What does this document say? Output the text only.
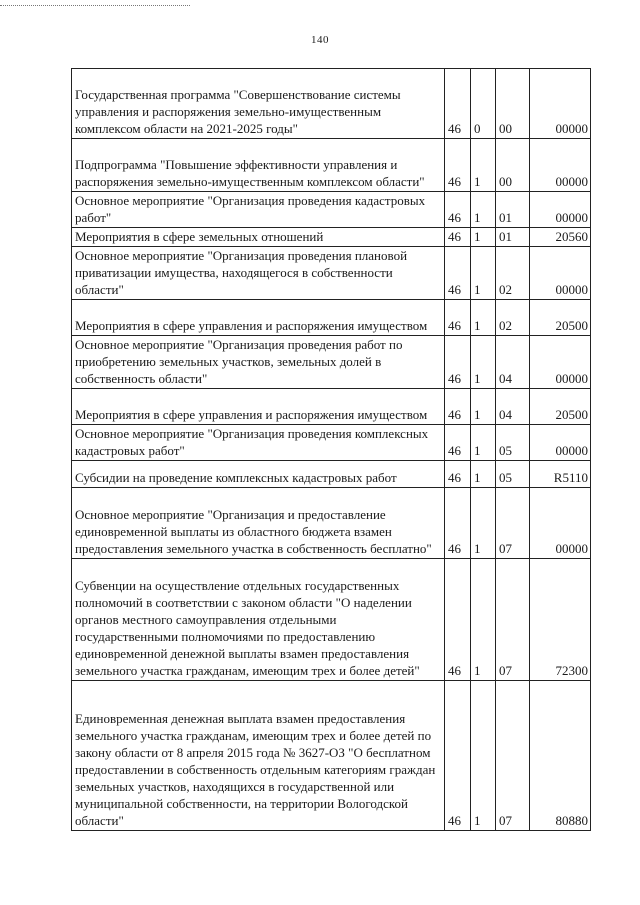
140
Государственная программа "Совершенствование системы управления и распоряжения земельно-имущественным комплексом области на 2021-2025 годы"	46	0	00	00000
Подпрограмма "Повышение эффективности управления и распоряжения земельно-имущественным комплексом области"	46	1	00	00000
Основное мероприятие "Организация проведения кадастровых работ"	46	1	01	00000
Мероприятия в сфере земельных отношений	46	1	01	20560
Основное мероприятие "Организация проведения плановой приватизации имущества, находящегося в собственности области"	46	1	02	00000
Мероприятия в сфере управления и распоряжения имуществом	46	1	02	20500
Основное мероприятие "Организация проведения работ по приобретению земельных участков, земельных долей в собственность области"	46	1	04	00000
Мероприятия в сфере управления и распоряжения имуществом	46	1	04	20500
Основное мероприятие "Организация проведения комплексных кадастровых работ"	46	1	05	00000
Субсидии на проведение комплексных кадастровых работ	46	1	05	R5110
Основное мероприятие "Организация и предоставление единовременной выплаты из областного бюджета взамен предоставления земельного участка в собственность бесплатно"	46	1	07	00000
Субвенции на осуществление отдельных государственных полномочий в соответствии с законом области "О наделении органов местного самоуправления отдельными государственными полномочиями по предоставлению единовременной денежной выплаты взамен предоставления земельного участка гражданам, имеющим трех и более детей"	46	1	07	72300
Единовременная денежная выплата взамен предоставления земельного участка гражданам, имеющим трех и более детей по закону области от 8 апреля 2015 года № 3627-ОЗ "О бесплатном предоставлении в собственность отдельным категориям граждан земельных участков, находящихся в государственной или муниципальной собственности, на территории Вологодской области"	46	1	07	80880
